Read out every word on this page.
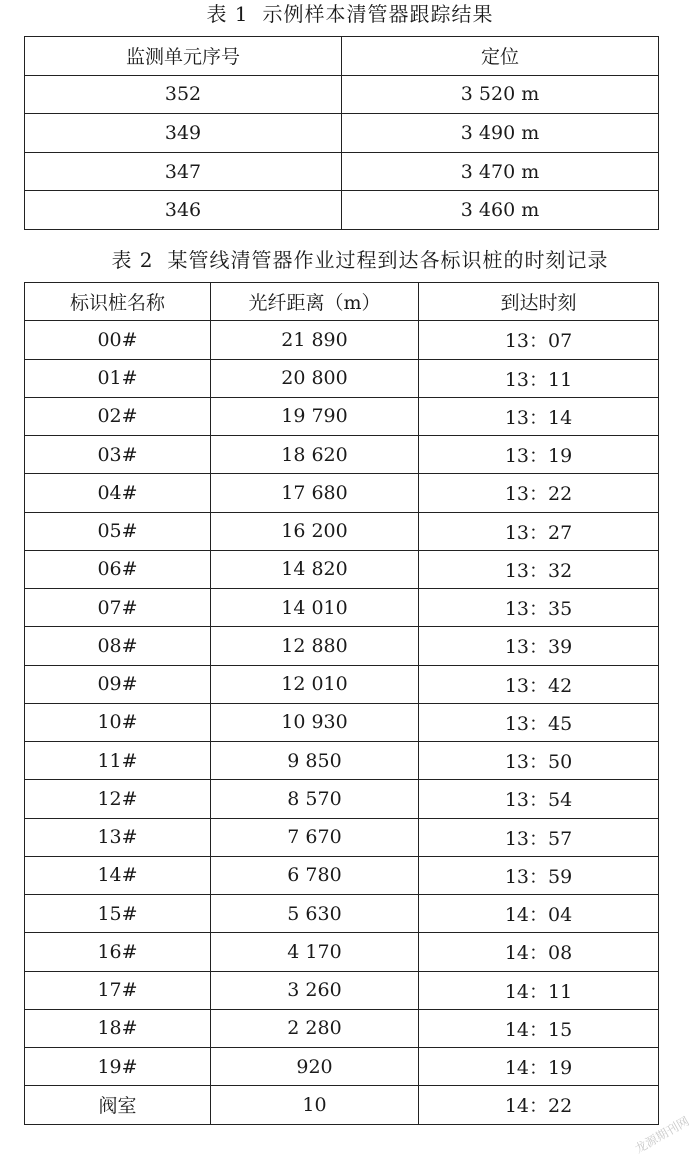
表 1 示例样本清管器跟踪结果
监测单元序号	定位
352	3 520 m
349	3 490 m
347	3 470 m
346	3 460 m
表 2 某管线清管器作业过程到达各标识桩的时刻记录
标识桩名称	光纤距离（m）	到达时刻
00#	21 890	13：07
01#	20 800	13：11
02#	19 790	13：14
03#	18 620	13：19
04#	17 680	13：22
05#	16 200	13：27
06#	14 820	13：32
07#	14 010	13：35
08#	12 880	13：39
09#	12 010	13：42
10#	10 930	13：45
11#	9 850	13：50
12#	8 570	13：54
13#	7 670	13：57
14#	6 780	13：59
15#	5 630	14：04
16#	4 170	14：08
17#	3 260	14：11
18#	2 280	14：15
19#	920	14：19
阀室	10	14：22
龙源期刊网
